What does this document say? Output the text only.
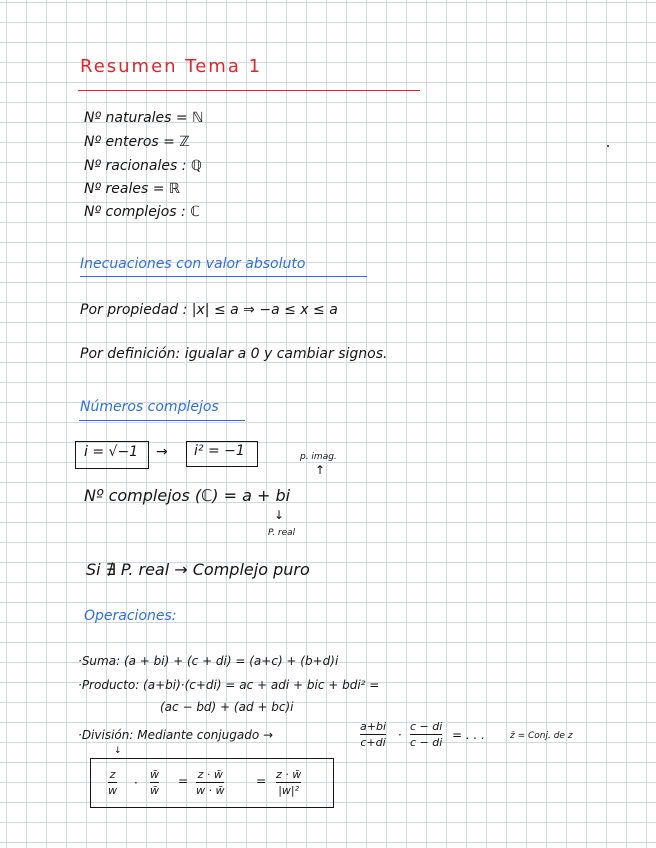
Resumen Tema 1
Nº naturales = ℕ
Nº enteros = ℤ
Nº racionales : ℚ
Nº reales = ℝ
Nº complejos : ℂ
Inecuaciones con valor absoluto
Por propiedad : |x| ≤ a ⇒ −a ≤ x ≤ a
Por definición: igualar a 0 y cambiar signos.
Números complejos
i = √−1 → i² = −1	p. imag.
↑
Nº complejos (ℂ) = a + bi
↓
P. real
Si ∄ P. real → Complejo puro
Operaciones:
·Suma: (a + bi) + (c + di) = (a+c) + (b+d)i
·Producto: (a+bi)·(c+di) = ac + adi + bic + bdi² =
(ac − bd) + (ad + bc)i
·División: Mediante conjugado →
a+bi
c+di
·
c − di
c − di
= . . .	z̄ = Conj. de z
↓
z
w
·
w̄
w̄
= z · w̄
w · w̄
= z · w̄
|w|²
